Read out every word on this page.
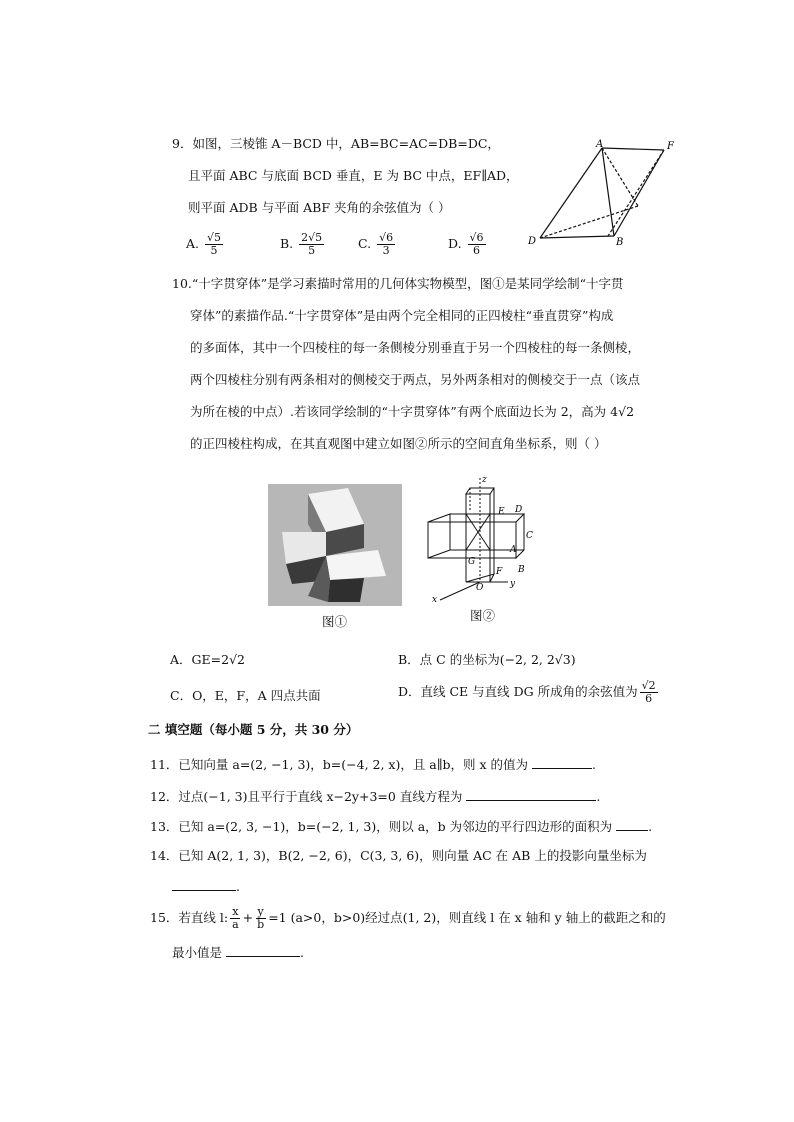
9．如图，三棱锥 A－BCD 中，AB=BC=AC=DB=DC，
且平面 ABC 与底面 BCD 垂直，E 为 BC 中点，EF∥AD，
则平面 ADB 与平面 ABF 夹角的余弦值为（ ）
A. $\frac{√5}{5}$	B. $\frac{2√5}{5}$	C. $\frac{√6}{3}$	D. $\frac{√6}{6}$
A	F
D	B
10.“十字贯穿体”是学习素描时常用的几何体实物模型，图①是某同学绘制“十字贯
穿体”的素描作品.“十字贯穿体”是由两个完全相同的正四棱柱“垂直贯穿”构成
的多面体，其中一个四棱柱的每一条侧棱分别垂直于另一个四棱柱的每一条侧棱，
两个四棱柱分别有两条相对的侧棱交于两点，另外两条相对的侧棱交于一点（该点
为所在棱的中点）.若该同学绘制的“十字贯穿体”有两个底面边长为 2，高为 4√2
的正四棱柱构成，在其直观图中建立如图②所示的空间直角坐标系，则（ ）
图①
z
E D
C
A
G
F B
O
x
y
图②
A．GE=2√2	B．点 C 的坐标为(−2, 2, 2√3)
C．O，E，F，A 四点共面	D．直线 CE 与直线 DG 所成角的余弦值为 $\frac{√2}{6}$
二 填空题（每小题 5 分，共 30 分）
11．已知向量 a=(2, −1, 3)，b=(−4, 2, x)，且 a∥b，则 x 的值为	.
12．过点(−1, 3)且平行于直线 x−2y+3=0 直线方程为	.
13．已知 a=(2, 3, −1)，b=(−2, 1, 3)，则以 a，b 为邻边的平行四边形的面积为	.
14．已知 A(2, 1, 3)，B(2, −2, 6)，C(3, 3, 6)，则向量 AC 在 AB 上的投影向量坐标为
.
15．若直线 l: $\frac{x}{a} + \frac{y}{b} =1$ (a>0，b>0)经过点(1, 2)，则直线 l 在 x 轴和 y 轴上的截距之和的
最小值是	.
